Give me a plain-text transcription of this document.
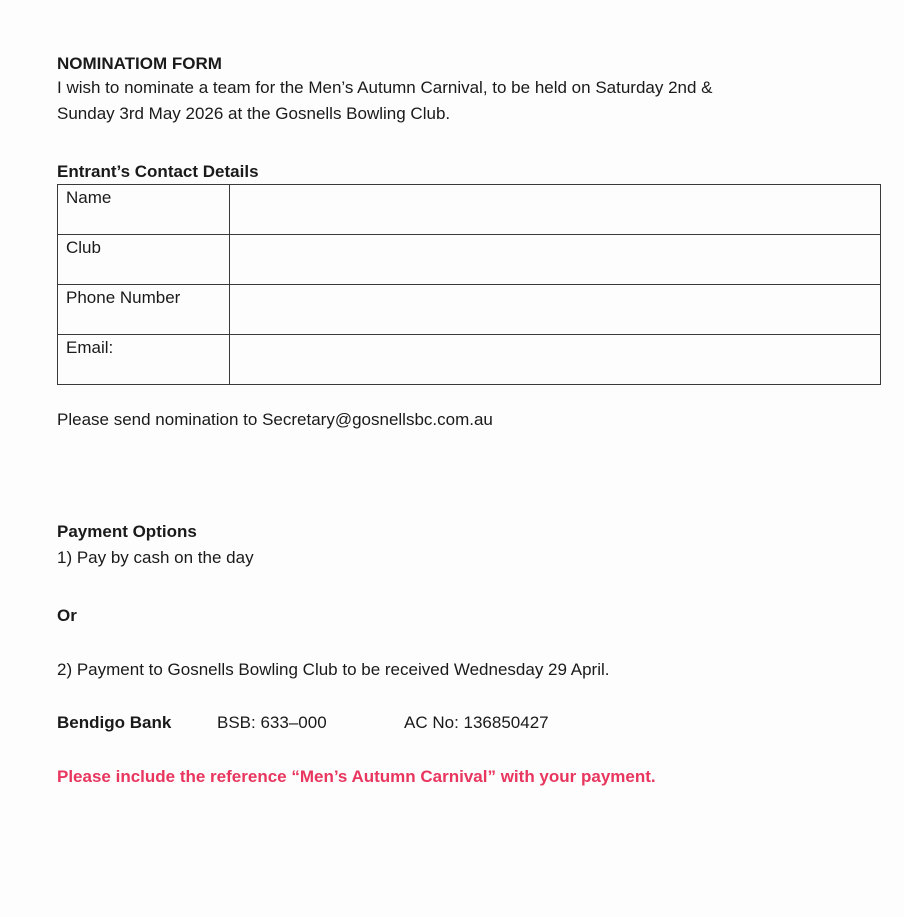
NOMINATIOM FORM
I wish to nominate a team for the Men’s Autumn Carnival, to be held on Saturday 2nd &
Sunday 3rd May 2026 at the Gosnells Bowling Club.
Entrant’s Contact Details
Name	
Club	
Phone Number	
Email:	
Please send nomination to Secretary@gosnellsbc.com.au
Payment Options
1) Pay by cash on the day
Or
2) Payment to Gosnells Bowling Club to be received Wednesday 29 April.
Bendigo Bank	BSB: 633–000	AC No: 136850427
Please include the reference “Men’s Autumn Carnival” with your payment.
